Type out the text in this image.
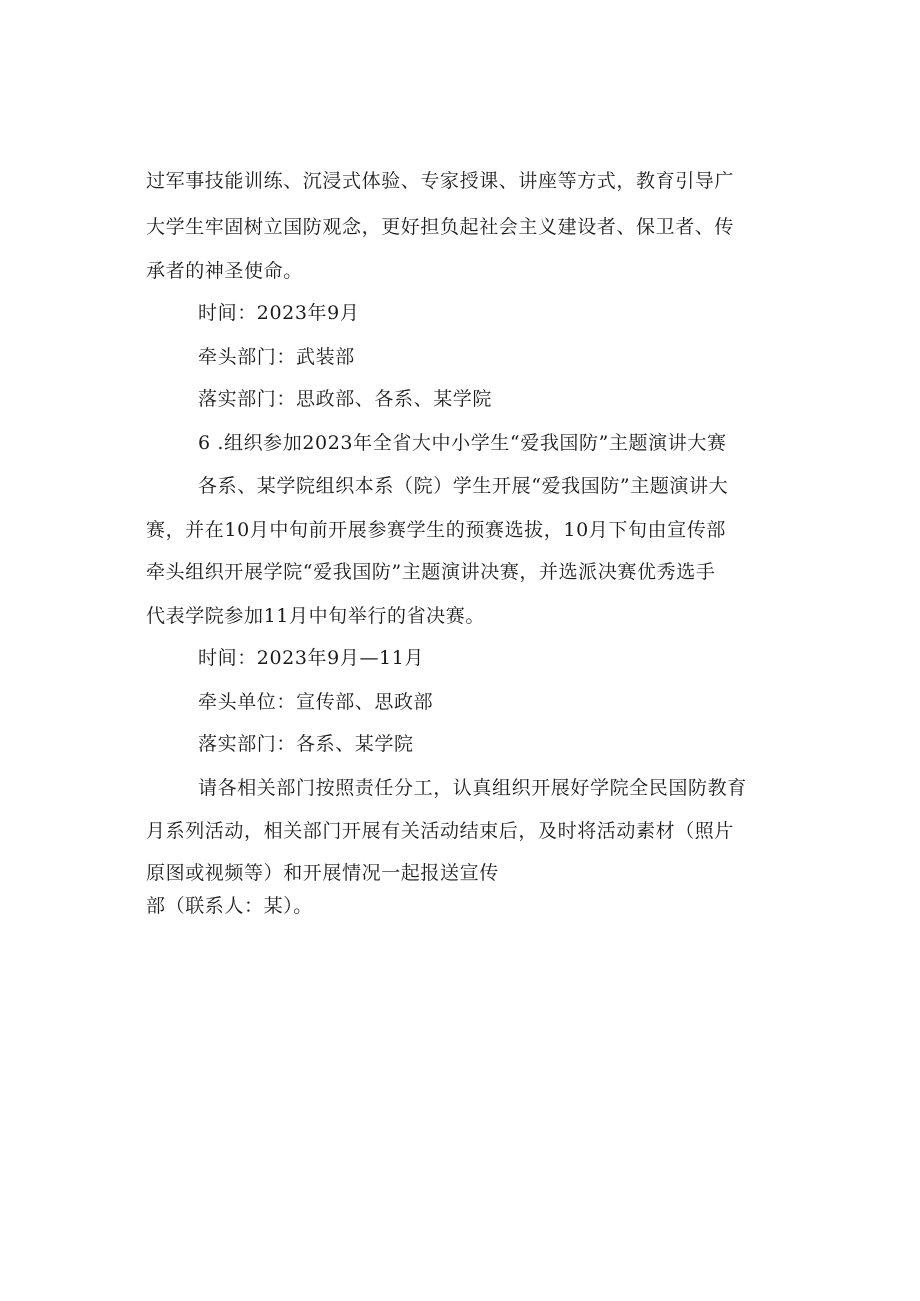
过军事技能训练、沉浸式体验、专家授课、讲座等方式，教育引导广
大学生牢固树立国防观念，更好担负起社会主义建设者、保卫者、传
承者的神圣使命。
时间：2023年9月
牵头部门：武装部
落实部门：思政部、各系、某学院
6 .组织参加2023年全省大中小学生“爱我国防”主题演讲大赛
各系、某学院组织本系（院）学生开展“爱我国防”主题演讲大
赛，并在10月中旬前开展参赛学生的预赛选拔，10月下旬由宣传部
牵头组织开展学院“爱我国防”主题演讲决赛，并选派决赛优秀选手
代表学院参加11月中旬举行的省决赛。
时间：2023年9月—11月
牵头单位：宣传部、思政部
落实部门：各系、某学院
请各相关部门按照责任分工，认真组织开展好学院全民国防教育
月系列活动，相关部门开展有关活动结束后，及时将活动素材（照片
原图或视频等）和开展情况一起报送宣传
部（联系人：某）。
